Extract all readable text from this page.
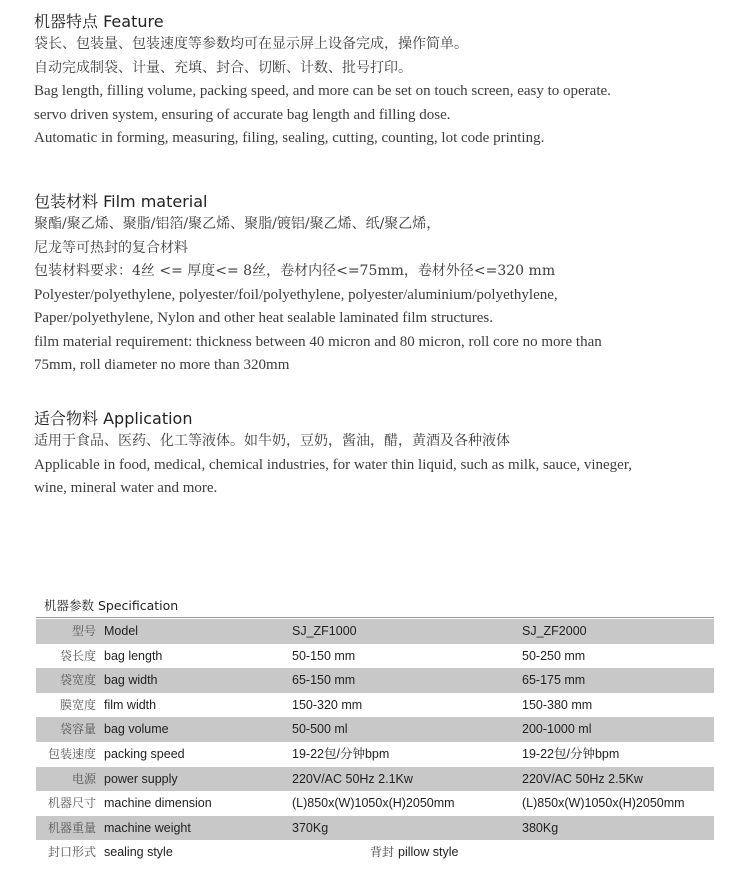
机器特点 Feature
袋长、包装量、包装速度等参数均可在显示屏上设备完成，操作简单。
自动完成制袋、计量、充填、封合、切断、计数、批号打印。
Bag length, filling volume, packing speed, and more can be set on touch screen, easy to operate.
servo driven system, ensuring of accurate bag length and filling dose.
Automatic in forming, measuring, filing, sealing, cutting, counting, lot code printing.
包装材料 Film material
聚酯/聚乙烯、聚脂/铝箔/聚乙烯、聚脂/镀铝/聚乙烯、纸/聚乙烯，
尼龙等可热封的复合材料
包装材料要求：4丝 <= 厚度<= 8丝，卷材内径<=75mm，卷材外径<=320 mm
Polyester/polyethylene, polyester/foil/polyethylene, polyester/aluminium/polyethylene,
Paper/polyethylene, Nylon and other heat sealable laminated film structures.
film material requirement: thickness between 40 micron and 80 micron, roll core no more than
75mm, roll diameter no more than 320mm
适合物料 Application
适用于食品、医药、化工等液体。如牛奶，豆奶，酱油，醋，黄酒及各种液体
Applicable in food, medical, chemical industries, for water thin liquid, such as milk, sauce, vineger,
wine, mineral water and more.
机器参数 Specification
型号 Model	SJ_ZF1000	SJ_ZF2000
袋长度 bag length	50-150 mm	50-250 mm
袋宽度 bag width	65-150 mm	65-175 mm
膜宽度 film width	150-320 mm	150-380 mm
袋容量 bag volume	50-500 ml	200-1000 ml
包装速度 packing speed	19-22包/分钟bpm	19-22包/分钟bpm
电源 power supply	220V/AC 50Hz 2.1Kw	220V/AC 50Hz 2.5Kw
机器尺寸 machine dimension	(L)850x(W)1050x(H)2050mm	(L)850x(W)1050x(H)2050mm
机器重量 machine weight	370Kg	380Kg
封口形式 sealing style	背封 pillow style
